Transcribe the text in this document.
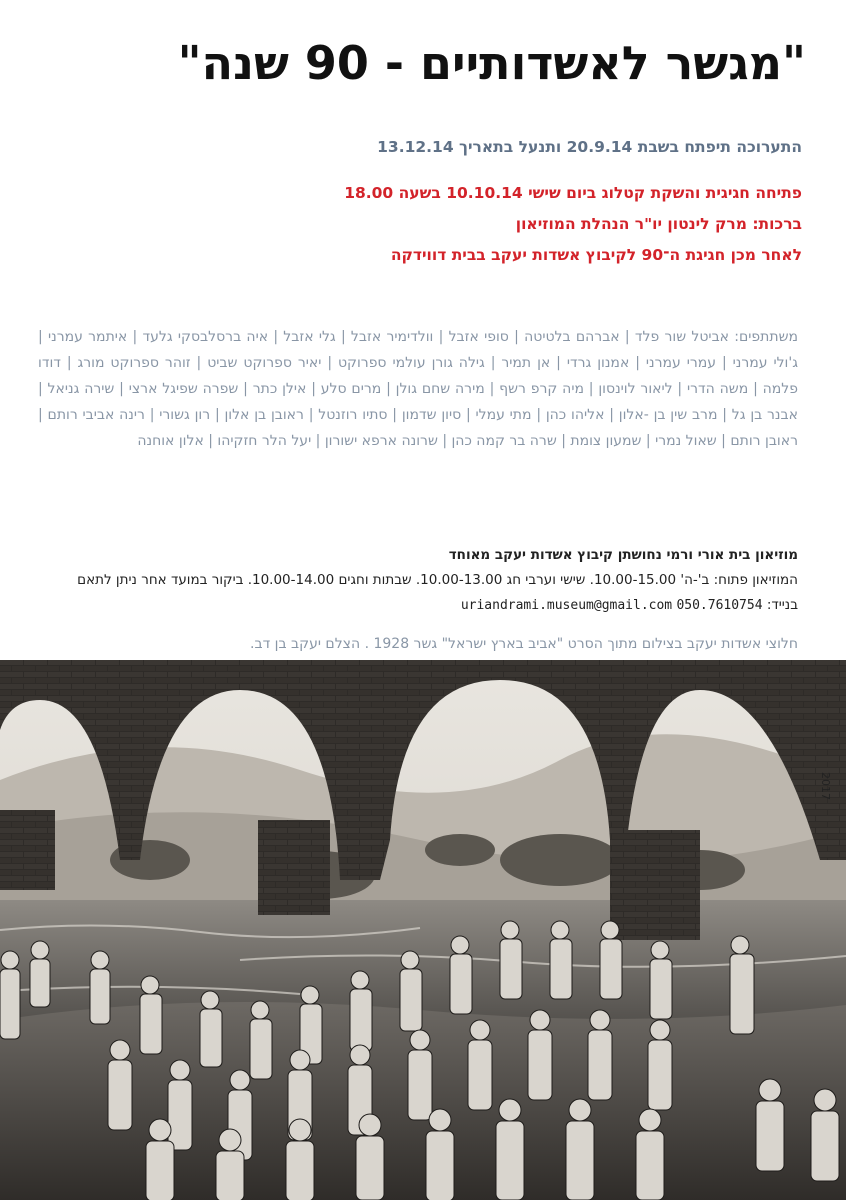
"מגשר לאשדותיים - 90 שנה"
התערוכה תיפתח בשבת 20.9.14 ותנעל בתאריך 13.12.14
פתיחה חגיגית והשקת קטלוג ביום שישי 10.10.14 בשעה 18.00
ברכות: מרק לינטון יו"ר הנהלת המוזיאון
לאחר מכן חגיגת ה־90 לקיבוץ אשדות יעקב בבית דווידקה
משתתפים: אביטל שור פלד | אברהם בלטיטה | סופי אזבל | וולדימיר אזבל | גלי אזבל | איה ברסלבסקי גלעד | איתמר עמרני | ג'ולי עמרני | עמרי עמרני | אמנון גרדי | אן תמיר | גילה גורן עולמי ספרוקט | יאיר ספרוקט שביט | זוהר ספרוקט מורג | דודו פלמה | משה הדרי | ליאור לוינסון | מיה קרפ רשף | מירה שחם גולן | מרים סלע | אילן כתר | שפרה שפיגל ארצי | שירה גניאל | אבנר בן גל | מרב שין בן -אלון | אליהו כהן | מתי עמלי | סיון שדמון | סתיו רוזנטל | ראובן בן אלון | רון גשורי | רינה אביבי רותם | ראובן רותם | שאול נמרי | שמעון צומת | שרה בר קמה כהן | שרונה ארפא ישורון | יעל הלר חזקיהו | אלון אוחנה
מוזיאון בית אורי ורמי נחושתן קיבוץ אשדות יעקב מאוחד
המוזיאון פתוח: ב'-ה' 10.00-15.00. שישי וערבי חג 10.00-13.00. שבתות וחגים 10.00-14.00. ביקור במועד אחר ניתן לתאם
בנייד: 050.7610754 uriandrami.museum@gmail.com
חלוצי אשדות יעקב בצילום מתוך הסרט "אביב בארץ ישראל" גשר 1928 . הצלם יעקב בן דב.
2017
